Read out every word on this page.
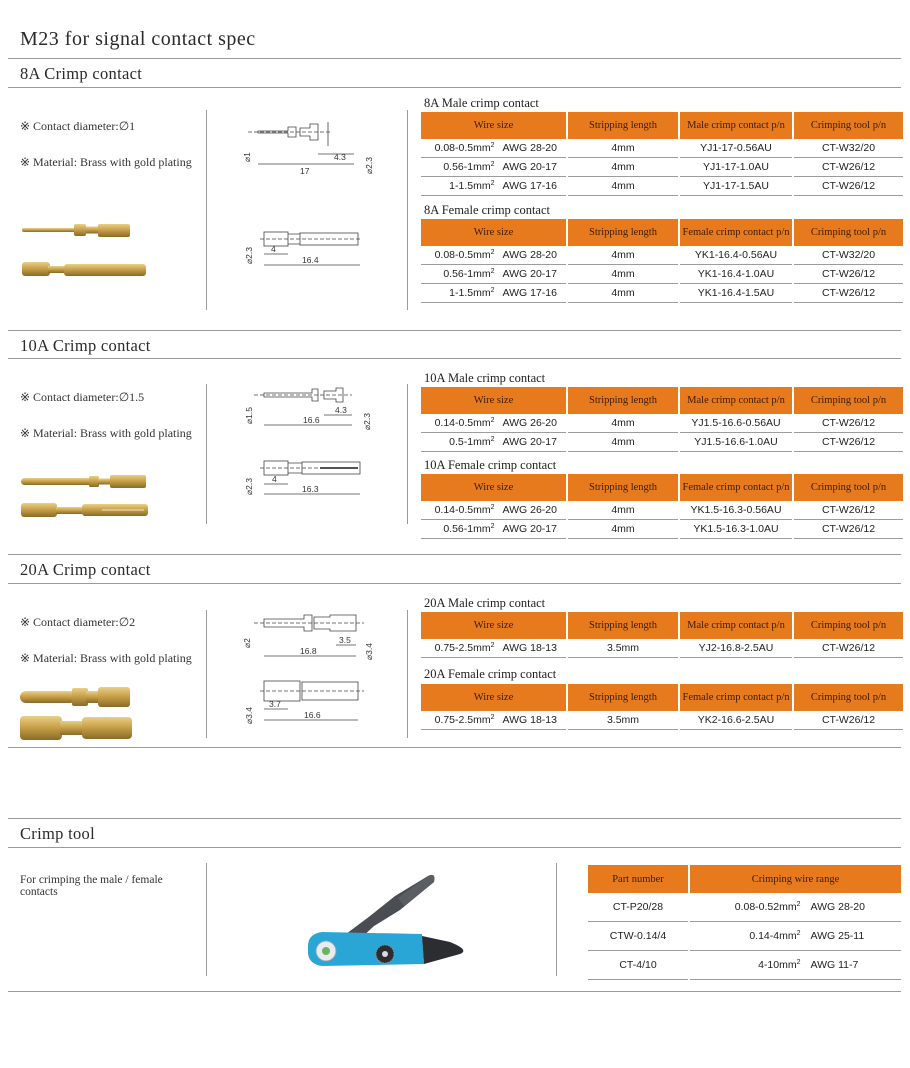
M23 for signal contact spec
8A Crimp contact
※ Contact diameter:∅1
※ Material: Brass with gold plating	4.3
17
⌀1	⌀2.3
4
16.4
⌀2.3
8A Male crimp contact
Wire size	Stripping length	Male crimp contact p/n	Crimping tool p/n
$0.08-0.5mm^2$ AWG 28-20	4mm	YJ1-17-0.56AU	CT-W32/20
$0.56-1mm^2$ AWG 20-17	4mm	YJ1-17-1.0AU	CT-W26/12
$1-1.5mm^2$ AWG 17-16	4mm	YJ1-17-1.5AU	CT-W26/12
8A Female crimp contact
Wire size	Stripping length	Female crimp contact p/n	Crimping tool p/n
$0.08-0.5mm^2$ AWG 28-20	4mm	YK1-16.4-0.56AU	CT-W32/20
$0.56-1mm^2$ AWG 20-17	4mm	YK1-16.4-1.0AU	CT-W26/12
$1-1.5mm^2$ AWG 17-16	4mm	YK1-16.4-1.5AU	CT-W26/12
10A Crimp contact
※ Contact diameter:∅1.5
※ Material: Brass with gold plating
4.3
16.6
⌀1.5	⌀2.3
4
16.3
⌀2.3
10A Male crimp contact
Wire size	Stripping length	Male crimp contact p/n	Crimping tool p/n
$0.14-0.5mm^2$ AWG 26-20	4mm	YJ1.5-16.6-0.56AU	CT-W26/12
$0.5-1mm^2$ AWG 20-17	4mm	YJ1.5-16.6-1.0AU	CT-W26/12
10A Female crimp contact
Wire size	Stripping length	Female crimp contact p/n	Crimping tool p/n
$0.14-0.5mm^2$ AWG 26-20	4mm	YK1.5-16.3-0.56AU	CT-W26/12
$0.56-1mm^2$ AWG 20-17	4mm	YK1.5-16.3-1.0AU	CT-W26/12
20A Crimp contact
※ Contact diameter:∅2
※ Material: Brass with gold plating
3.5
16.8
⌀2	⌀3.4
3.7
16.6
⌀3.4
20A Male crimp contact
Wire size	Stripping length	Male crimp contact p/n	Crimping tool p/n
$0.75-2.5mm^2$ AWG 18-13	3.5mm	YJ2-16.8-2.5AU	CT-W26/12
20A Female crimp contact
Wire size	Stripping length	Female crimp contact p/n	Crimping tool p/n
$0.75-2.5mm^2$ AWG 18-13	3.5mm	YK2-16.6-2.5AU	CT-W26/12
Crimp tool
For crimping the male / female contacts
Part number	Crimping wire range
CT-P20/28	$0.08-0.52mm^2$ AWG 28-20
CTW-0.14/4	$0.14-4mm^2$ AWG 25-11
CT-4/10	$4-10mm^2$ AWG 11-7
